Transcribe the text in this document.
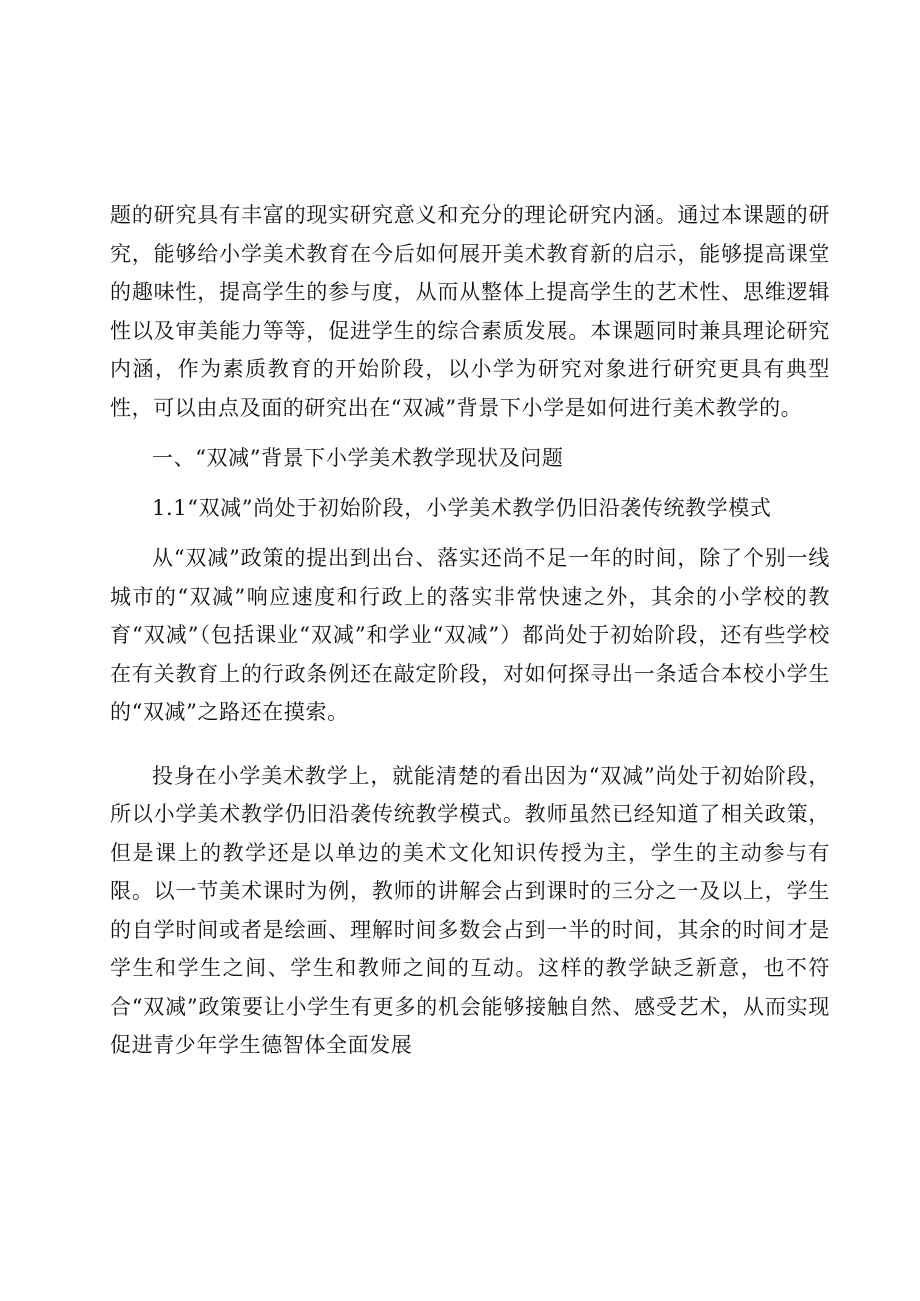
题的研究具有丰富的现实研究意义和充分的理论研究内涵。通过本课题的研究，能够给小学美术教育在今后如何展开美术教育新的启示，能够提高课堂的趣味性，提高学生的参与度，从而从整体上提高学生的艺术性、思维逻辑性以及审美能力等等，促进学生的综合素质发展。本课题同时兼具理论研究内涵，作为素质教育的开始阶段，以小学为研究对象进行研究更具有典型性，可以由点及面的研究出在“双减”背景下小学是如何进行美术教学的。

一、“双减”背景下小学美术教学现状及问题

1.1“双减”尚处于初始阶段，小学美术教学仍旧沿袭传统教学模式

从“双减”政策的提出到出台、落实还尚不足一年的时间，除了个别一线城市的“双减”响应速度和行政上的落实非常快速之外，其余的小学校的教育“双减”（包括课业“双减”和学业“双减”）都尚处于初始阶段，还有些学校在有关教育上的行政条例还在敲定阶段，对如何探寻出一条适合本校小学生的“双减”之路还在摸索。

投身在小学美术教学上，就能清楚的看出因为“双减”尚处于初始阶段，所以小学美术教学仍旧沿袭传统教学模式。教师虽然已经知道了相关政策，但是课上的教学还是以单边的美术文化知识传授为主，学生的主动参与有限。以一节美术课时为例，教师的讲解会占到课时的三分之一及以上，学生的自学时间或者是绘画、理解时间多数会占到一半的时间，其余的时间才是学生和学生之间、学生和教师之间的互动。这样的教学缺乏新意，也不符合“双减”政策要让小学生有更多的机会能够接触自然、感受艺术，从而实现促进青少年学生德智体全面发展
